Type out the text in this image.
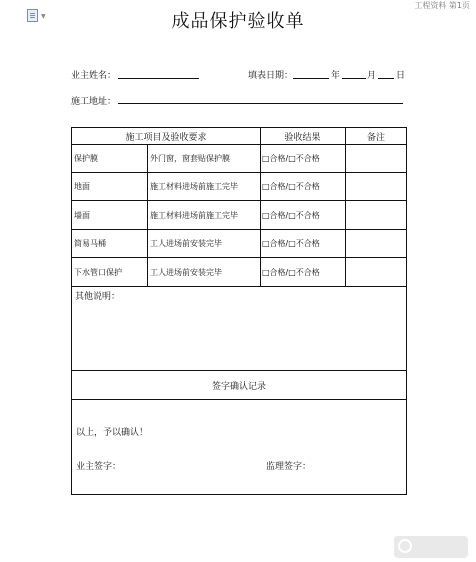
▼
工程资料 第1页
成品保护验收单
业主姓名：	填表日期：	年	月 日
施工地址：
施工项目及验收要求	验收结果	备注
保护膜	外门窗，窗套贴保护膜	□合格/□不合格
地面	施工材料进场前施工完毕	□合格/□不合格
墙面	施工材料进场前施工完毕	□合格/□不合格
简易马桶	工人进场前安装完毕	□合格/□不合格
下水管口保护	工人进场前安装完毕	□合格/□不合格
其他说明：
签字确认记录
以上，予以确认！
业主签字：	监理签字：
